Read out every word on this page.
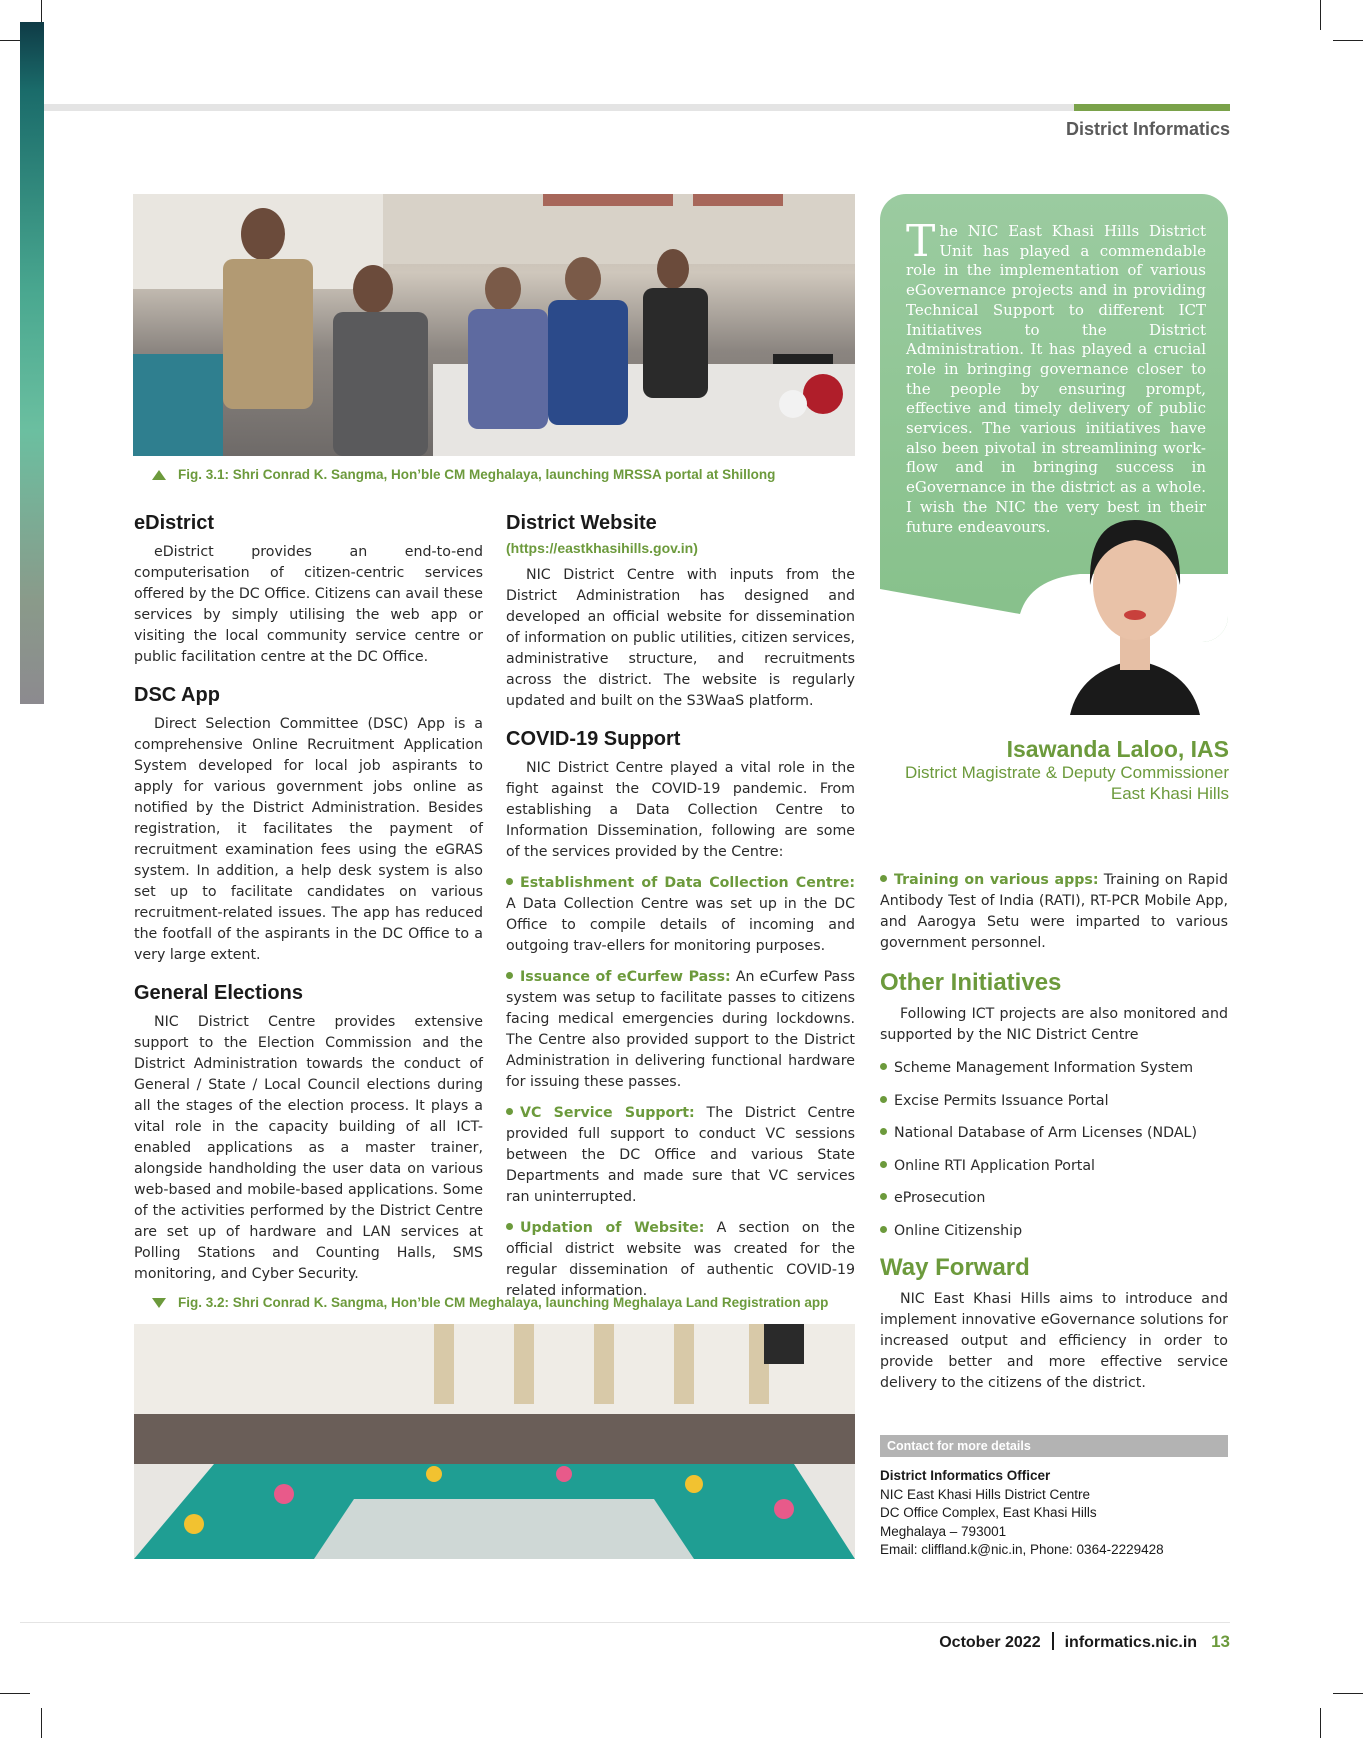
District Informatics
Fig. 3.1: Shri Conrad K. Sangma, Hon’ble CM Meghalaya, launching MRSSA portal at Shillong
eDistrict

eDistrict provides an end-to-end computerisation of citizen-centric services offered by the DC Office. Citizens can avail these services by simply utilising the web app or visiting the local community service centre or public facilitation centre at the DC Office.

DSC App

Direct Selection Committee (DSC) App is a comprehensive Online Recruitment Application System developed for local job aspirants to apply for various government jobs online as notified by the District Administration. Besides registration, it facilitates the payment of recruitment examination fees using the eGRAS system. In addition, a help desk system is also set up to facilitate candidates on various recruitment-related issues. The app has reduced the footfall of the aspirants in the DC Office to a very large extent.

General Elections

NIC District Centre provides extensive support to the Election Commission and the District Administration towards the conduct of General / State / Local Council elections during all the stages of the election process. It plays a vital role in the capacity building of all ICT-enabled applications as a master trainer, alongside handholding the user data on various web-based and mobile-based applications. Some of the activities performed by the District Centre are set up of hardware and LAN services at Polling Stations and Counting Halls, SMS monitoring, and Cyber Security.

District Website
(https://eastkhasihills.gov.in)

NIC District Centre with inputs from the District Administration has designed and developed an official website for dissemination of information on public utilities, citizen services, administrative structure, and recruitments across the district. The website is regularly updated and built on the S3WaaS platform.

COVID-19 Support

NIC District Centre played a vital role in the fight against the COVID-19 pandemic. From establishing a Data Collection Centre to Information Dissemination, following are some of the services provided by the Centre:

Establishment of Data Collection Centre: A Data Collection Centre was set up in the DC Office to compile details of incoming and outgoing trav-ellers for monitoring purposes.

Issuance of eCurfew Pass: An eCurfew Pass system was setup to facilitate passes to citizens facing medical emergencies during lockdowns. The Centre also provided support to the District Administration in delivering functional hardware for issuing these passes.

VC Service Support: The District Centre provided full support to conduct VC sessions between the DC Office and various State Departments and made sure that VC services ran uninterrupted.

Updation of Website: A section on the official district website was created for the regular dissemination of authentic COVID-19 related information.

Fig. 3.2: Shri Conrad K. Sangma, Hon’ble CM Meghalaya, launching Meghalaya Land Registration app
T he NIC East Khasi Hills District Unit has played a commendable role in the implementation of various eGovernance projects and in providing Technical Support to different ICT Initiatives to the District Administration. It has played a crucial role in bringing governance closer to the people by ensuring prompt, effective and timely delivery of public services. The various initiatives have also been pivotal in streamlining work-flow and in bringing success in eGovernance in the district as a whole. I wish the NIC the very best in their future endeavours.
Isawanda Laloo, IAS
District Magistrate & Deputy Commissioner
East Khasi Hills

Training on various apps: Training on Rapid Antibody Test of India (RATI), RT-PCR Mobile App, and Aarogya Setu were imparted to various government personnel.

Other Initiatives

Following ICT projects are also monitored and supported by the NIC District Centre

Scheme Management Information System
Excise Permits Issuance Portal
National Database of Arm Licenses (NDAL)
Online RTI Application Portal
eProsecution
Online Citizenship
Way Forward

NIC East Khasi Hills aims to introduce and implement innovative eGovernance solutions for increased output and efficiency in order to provide better and more effective service delivery to the citizens of the district.

Contact for more details
District Informatics Officer
NIC East Khasi Hills District Centre
DC Office Complex, East Khasi Hills
Meghalaya – 793001
Email: cliffland.k@nic.in, Phone: 0364-2229428
October 2022 informatics.nic.in 13
